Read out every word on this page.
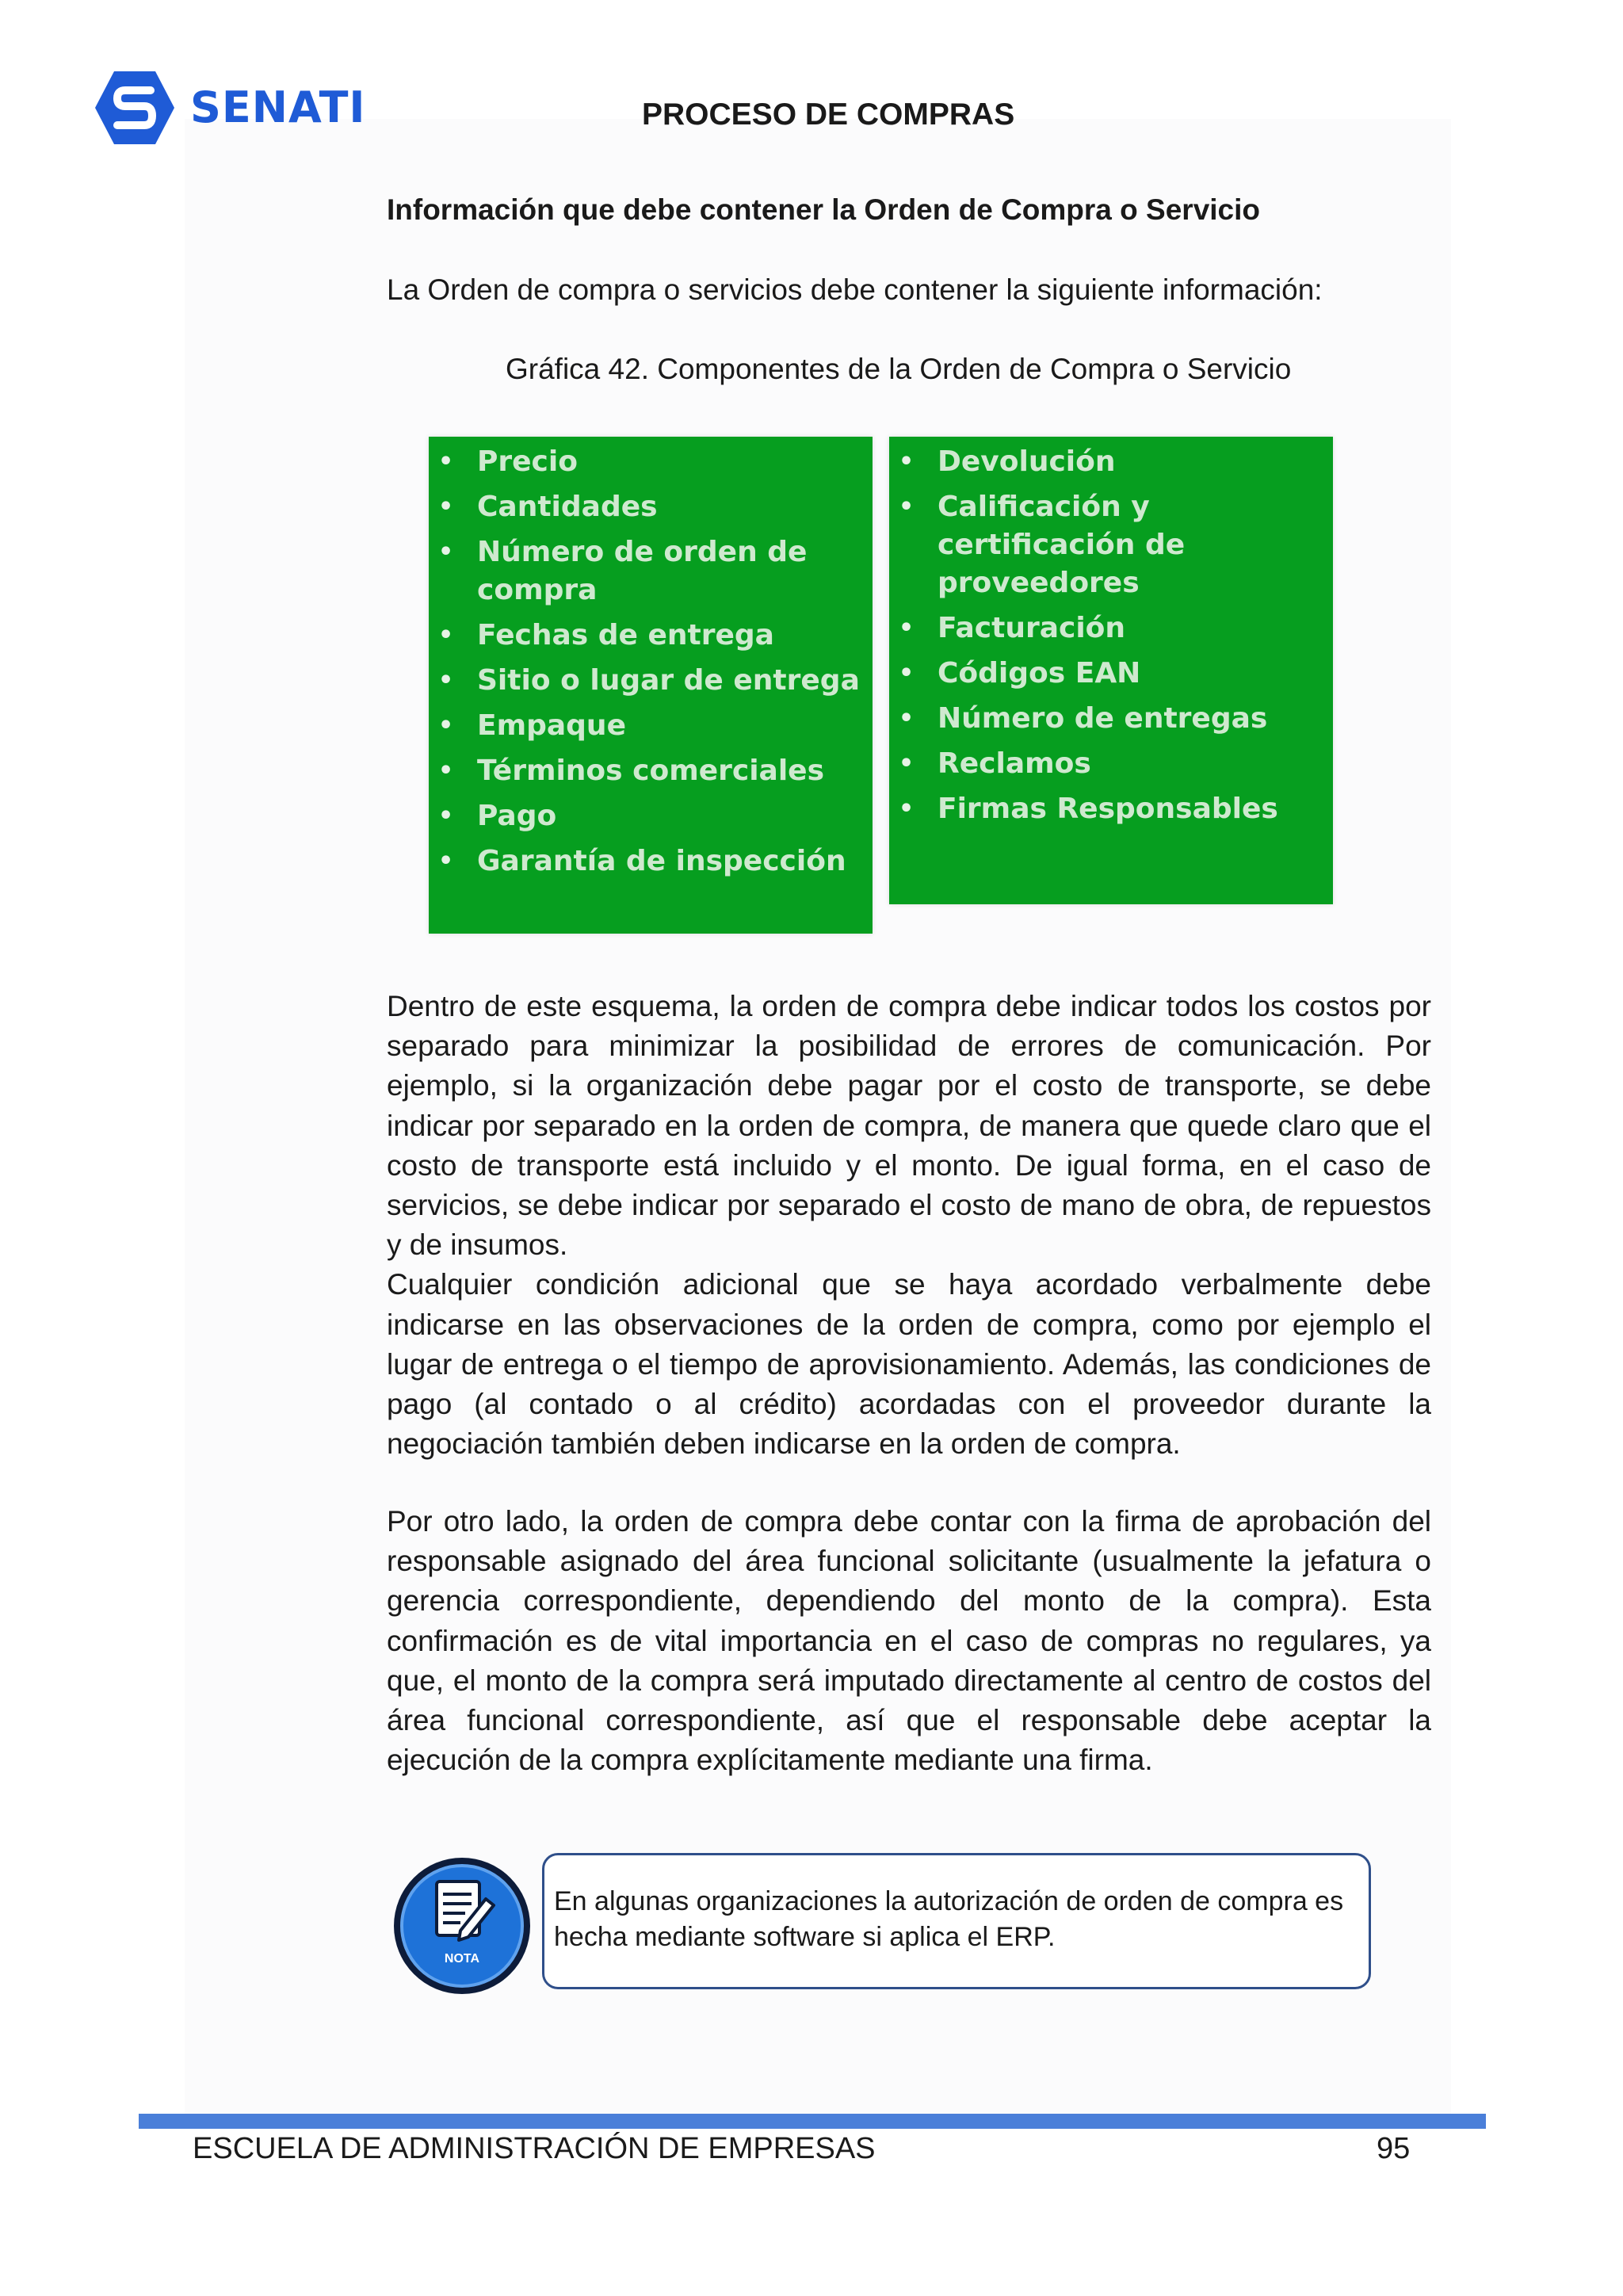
SENATI	PROCESO DE COMPRAS
Información que debe contener la Orden de Compra o Servicio
La Orden de compra o servicios debe contener la siguiente información:
Gráfica 42. Componentes de la Orden de Compra o Servicio
• Precio
• Cantidades
• Número de orden de compra
• Fechas de entrega
• Sitio o lugar de entrega
• Empaque
• Términos comerciales
• Pago
• Garantía de inspección
• Devolución
• Calificación y certificación de proveedores
• Facturación
• Códigos EAN
• Número de entregas
• Reclamos
• Firmas Responsables

Dentro de este esquema, la orden de compra debe indicar todos los costos por separado para minimizar la posibilidad de errores de comunicación. Por ejemplo, si la organización debe pagar por el costo de transporte, se debe indicar por separado en la orden de compra, de manera que quede claro que el costo de transporte está incluido y el monto. De igual forma, en el caso de servicios, se debe indicar por separado el costo de mano de obra, de repuestos y de insumos.

Cualquier condición adicional que se haya acordado verbalmente debe indicarse en las observaciones de la orden de compra, como por ejemplo el lugar de entrega o el tiempo de aprovisionamiento. Además, las condiciones de pago (al contado o al crédito) acordadas con el proveedor durante la negociación también deben indicarse en la orden de compra.

Por otro lado, la orden de compra debe contar con la firma de aprobación del responsable asignado del área funcional solicitante (usualmente la jefatura o gerencia correspondiente, dependiendo del monto de la compra). Esta confirmación es de vital importancia en el caso de compras no regulares, ya que, el monto de la compra será imputado directamente al centro de costos del área funcional correspondiente, así que el responsable debe aceptar la ejecución de la compra explícitamente mediante una firma.

NOTA
En algunas organizaciones la autorización de orden de compra es hecha mediante software si aplica el ERP.
ESCUELA DE ADMINISTRACIÓN DE EMPRESAS	95
